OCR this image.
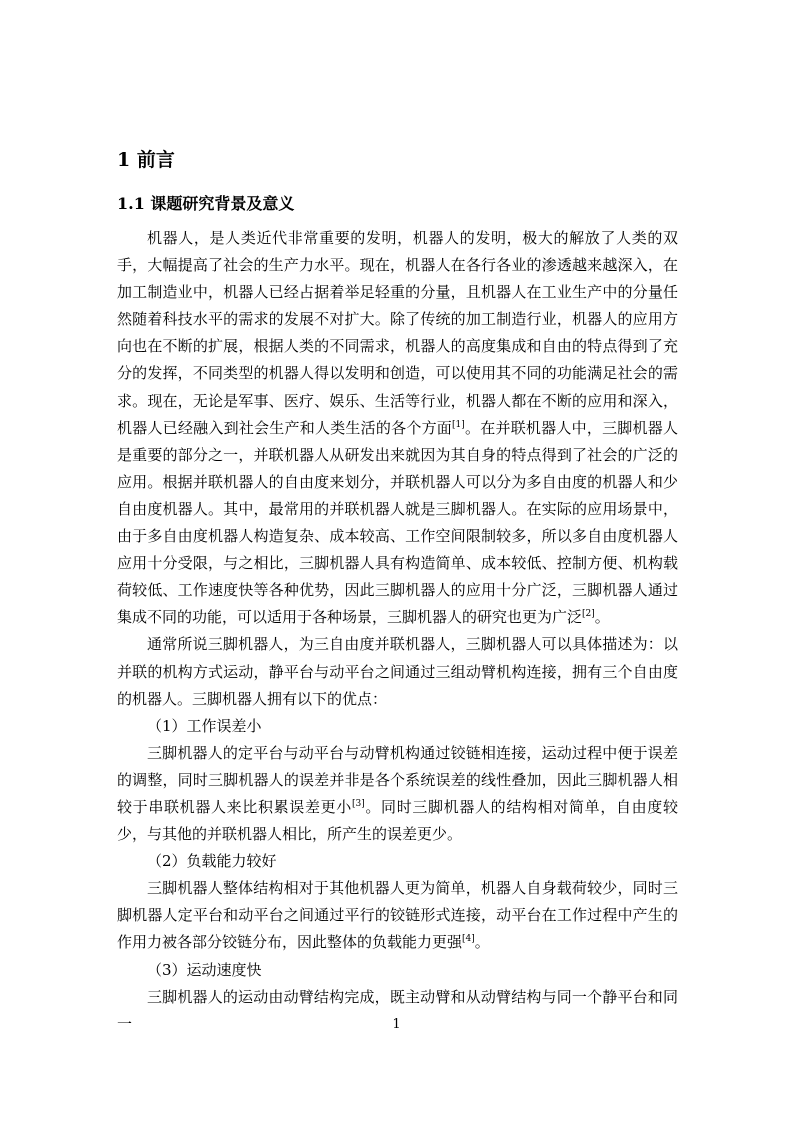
1 前言
1.1 课题研究背景及意义

机器人，是人类近代非常重要的发明，机器人的发明，极大的解放了人类的双手，大幅提高了社会的生产力水平。现在，机器人在各行各业的渗透越来越深入，在加工制造业中，机器人已经占据着举足轻重的分量，且机器人在工业生产中的分量任然随着科技水平的需求的发展不对扩大。除了传统的加工制造行业，机器人的应用方向也在不断的扩展，根据人类的不同需求，机器人的高度集成和自由的特点得到了充分的发挥，不同类型的机器人得以发明和创造，可以使用其不同的功能满足社会的需求。现在，无论是军事、医疗、娱乐、生活等行业，机器人都在不断的应用和深入，机器人已经融入到社会生产和人类生活的各个方面[1]。在并联机器人中，三脚机器人是重要的部分之一，并联机器人从研发出来就因为其自身的特点得到了社会的广泛的应用。根据并联机器人的自由度来划分，并联机器人可以分为多自由度的机器人和少自由度机器人。其中，最常用的并联机器人就是三脚机器人。在实际的应用场景中，由于多自由度机器人构造复杂、成本较高、工作空间限制较多，所以多自由度机器人应用十分受限，与之相比，三脚机器人具有构造简单、成本较低、控制方便、机构载荷较低、工作速度快等各种优势，因此三脚机器人的应用十分广泛，三脚机器人通过集成不同的功能，可以适用于各种场景，三脚机器人的研究也更为广泛[2]。

通常所说三脚机器人，为三自由度并联机器人，三脚机器人可以具体描述为：以并联的机构方式运动，静平台与动平台之间通过三组动臂机构连接，拥有三个自由度的机器人。三脚机器人拥有以下的优点：

（1）工作误差小

三脚机器人的定平台与动平台与动臂机构通过铰链相连接，运动过程中便于误差的调整，同时三脚机器人的误差并非是各个系统误差的线性叠加，因此三脚机器人相较于串联机器人来比积累误差更小[3]。同时三脚机器人的结构相对简单，自由度较少，与其他的并联机器人相比，所产生的误差更少。

（2）负载能力较好

三脚机器人整体结构相对于其他机器人更为简单，机器人自身载荷较少，同时三脚机器人定平台和动平台之间通过平行的铰链形式连接，动平台在工作过程中产生的作用力被各部分铰链分布，因此整体的负载能力更强[4]。

（3）运动速度快

三脚机器人的运动由动臂结构完成，既主动臂和从动臂结构与同一个静平台和同一	1
